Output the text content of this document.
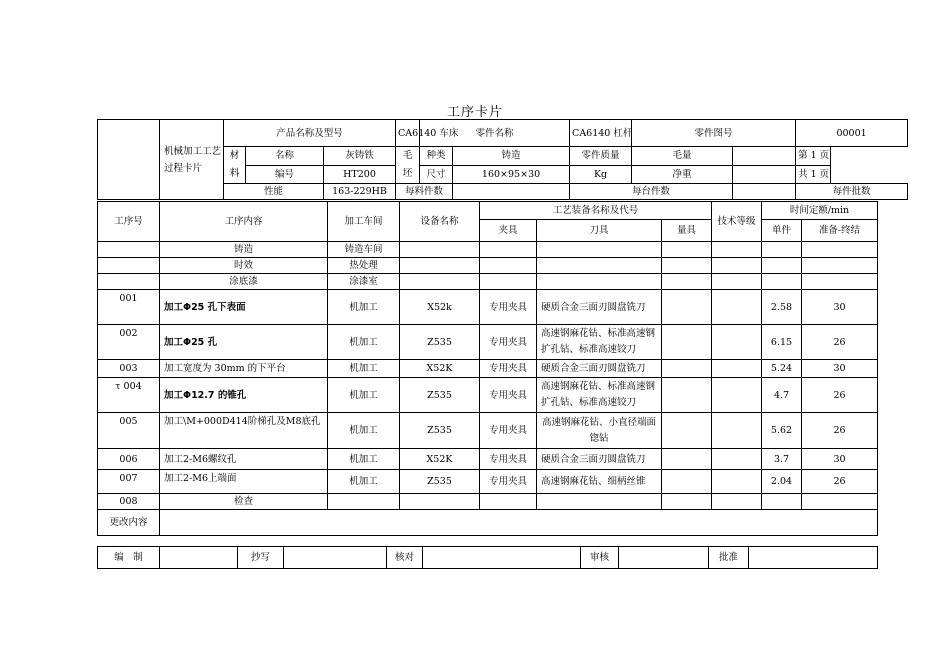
工序卡片
	机械加工工艺过程卡片	产品名称及型号			CA6140 车床	零件名称		CA6140 杠杆	零件图号		00001
		材料	名称	灰铸铁	毛坯	种类	铸造	零件质量	毛量		第 1 页
			编号	HT200		尺寸	160×95×30	Kg	净重		共 1 页
		性能		163-229HB	每料件数			每台件数			每件批数
工序号	工序内容	加工车间	设备名称	工艺装备名称及代号			技术等级	时间定额/min	
				夹具	刀具	量具		单件	准备-终结
	铸造	铸造车间							
	时效	热处理							
	涂底漆	涂漆室							
001	加工Φ25 孔下表面	机加工	X52k	专用夹具	硬质合金三面刃圆盘铣刀			2.58	30
002	加工Φ25 孔	机加工	Z535	专用夹具	高速钢麻花钻、标准高速钢扩孔钻、标准高速铰刀			6.15	26
003	加工宽度为 30mm 的下平台	机加工	X52K	专用夹具	硬质合金三面刃圆盘铣刀			5.24	30
τ 004	加工Φ12.7 的锥孔	机加工	Z535	专用夹具	高速钢麻花钻、标准高速钢扩孔钻、标准高速铰刀			4.7	26
005	加工\M+000D414阶梯孔及M8底孔	机加工	Z535	专用夹具	高速钢麻花钻、小直径端面锪钻			5.62	26
006	加工2-M6螺纹孔	机加工	X52K	专用夹具	硬质合金三面刃圆盘铣刀			3.7	30
007	加工2-M6上端面	机加工	Z535	专用夹具	高速钢麻花钻、细柄丝锥			2.04	26
008	检查								
更改内容									
编　制		抄写		核对		审核		批准	
